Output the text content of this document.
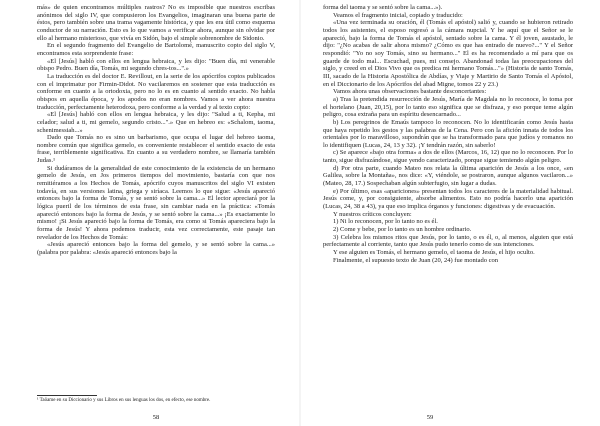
más» de quien encontramos múltiples rastros? No es imposible que nuestros escribas anónimos del siglo IV, que compusieron los Evangelios, imaginaran una buena parte de éstos, pero también sobre una trama vagamente histórica, y que les era útil como esquema conductor de su narración. Esto es lo que vamos a verificar ahora, aunque sin olvidar por ello al hermano misterioso, que vivía en Sidón, bajo el simple sobrenombre de Sidonio.

En el segundo fragmento del Evangelio de Bartolomé, manuscrito copto del siglo V, encontramos esta sorprendente frase:

«El [Jesús] habló con ellos en lengua hebraica, y les dijo: "Buen día, mi venerable obispo Pedro. Buen día, Tomás, mi segundo chres-tos...".»

La traducción es del doctor E. Revillout, en la serie de los apócrifos coptos publicados con el imprimatur por Firmin-Didot. No vacilaremos en sostener que esta traducción es conforme en cuanto a la ortodoxia, pero no lo es en cuanto al sentido exacto. No habla obispos en aquella época, y los apodos no eran nombres. Vamos a ver ahora nuestra traducción, perfectamente heterodoxa, pero conforme a la verdad y al texto copto:

«El [Jesús] habló con ellos en lengua hebraica, y les dijo: "Salud a ti, Kepha, mi celador; salud a ti, mi gemelo, segundo cristo...".» Que en hebreo es: «Schalom, taoma, schenimessiah...»

Dado que Tomás no es sino un barbarismo, que ocupa el lugar del hebreo taoma, nombre común que significa gemelo, es conveniente restablecer el sentido exacto de esta frase, terriblemente significativa. En cuanto a su verdadero nombre, se llamaría también Judas.¹

Si dudáramos de la generalidad de este conocimiento de la existencia de un hermano gemelo de Jesús, en Jos primeros tiempos del movimiento, bastaría con que nos remitiéramos a los Hechos de Tomás, apócrifo cuyos manuscritos del siglo VI existen todavía, en sus versiones latina, griega y siríaca. Leemos lo que sigue: «Jesús apareció entonces bajo la forma de Tomás, y se sentó sobre la cama...» El lector apreciará por la lógica pueril de los términos de esta frase, sin cambiar nada en la práctica: «Tomás apareció entonces bajo la forma de Jesús, y se sentó sobre la cama...» ¡Es exactamente lo mismo! ¡Si Jesús apareció bajo la forma de Tomás, era como si Tomás apareciera bajo la forma de Jesús! Y ahora podemos traducir, esta vez correctamente, este pasaje tan revelador de los Hechos de Tomás:

«Jesús apareció entonces bajo la forma del gemelo, y se sentó sobre la cama...» (palabra por palabra: «Jesús apareció entonces bajo la

¹ Taôame en su Diccionario y sus Libros en sus lenguas los dos, en efecto, ese nombre.
58

forma del taoma y se sentó sobre la cama...»).

Veamos el fragmento inicial, copiado y traducido:

«Una vez terminada su oración, él (Tomás el apóstol) salió y, cuando se hubieron retirado todos los asistentes, el esposo regresó a la cámara nupcial. Y he aquí que el Señor se le apareció, bajo la forma de Tomás el apóstol, sentado sobre la cama. Y él joven, asustado, le dijo: "¿No acabas de salir ahora mismo? ¿Cómo es que has entrado de nuevo?..." Y el Señor respondió: "Yo no soy Tomás, sino su hermano..." El es ha recomendado a mí para que os guarde de todo mal... Escuchad, pues, mi consejo. Abandonad todas las preocupaciones del siglo, y creed en el Dios Vivo que os predica mi hermano Tomás..."» (Historia de santo Tomás, III, sacado de la Historia Apostólica de Abdías, y Viaje y Martirio de Santo Tomás el Apóstol, en el Diccionario de los Apócrifos del abad Migne, tomos 22 y 23.)

Vamos ahora unas observaciones bastante desconcertantes:

a) Tras la pretendida resurrección de Jesús, María de Magdala no lo reconoce, lo toma por el hortelano (Juan, 20,15), por lo tanto eso significa que se disfraza, y eso porque teme algún peligro, cosa extraña para un espíritu desencarnado...

b) Los peregrinos de Emaús tampoco lo reconocen. No lo identificarán como Jesús hasta que haya repetido los gestos y las palabras de la Cena. Pero con la afición innata de todos los orientales por lo maravilloso, supondrán que se ha transformado para que judíos y romanos no lo identifiquen (Lucas, 24, 13 y 32). ¡Y tendrán razón, sin saberlo!

c) Se aparece «bajo otra forma» a dos de ellos (Marcos, 16, 12) que no lo reconocen. Por lo tanto, sigue disfrazándose, sigue yendo caracterizado, porque sigue temiendo algún peligro.

d) Por otra parte, cuando Mateo nos relata la última aparición de Jesús a los once, «en Galilea, sobre la Montaña», nos dice: «Y, viéndole, se postraron, aunque algunos vacilaron...» (Mateo, 28, 17.) Sospechaban algún subterfugio, sin lugar a dudas.

e) Por último, esas «apariciones» presentan todos los caracteres de la materialidad habitual. Jesús come, y, por consiguiente, absorbe alimentos. Esto no podría hacerlo una aparición (Lucas, 24, 38 a 43), ya que eso implica órganos y funciones: digestivas y de evacuación.

Y nuestros críticos concluyen:

1) Ni lo reconocen, por lo tanto no es él.

2) Come y bebe, por lo tanto es un hombre ordinario.

3) Celebra los mismos ritos que Jesús, por lo tanto, o es él, o, al menos, alguien que está perfectamente al corriente, tanto que Jesús pudo tenerlo como de sus intenciones.

Y ese alguien es Tomás, el hermano gemelo, el taoma de Jesús, el hijo oculto.

Finalmente, el supuesto texto de Juan (20, 24) fue montado con

59
